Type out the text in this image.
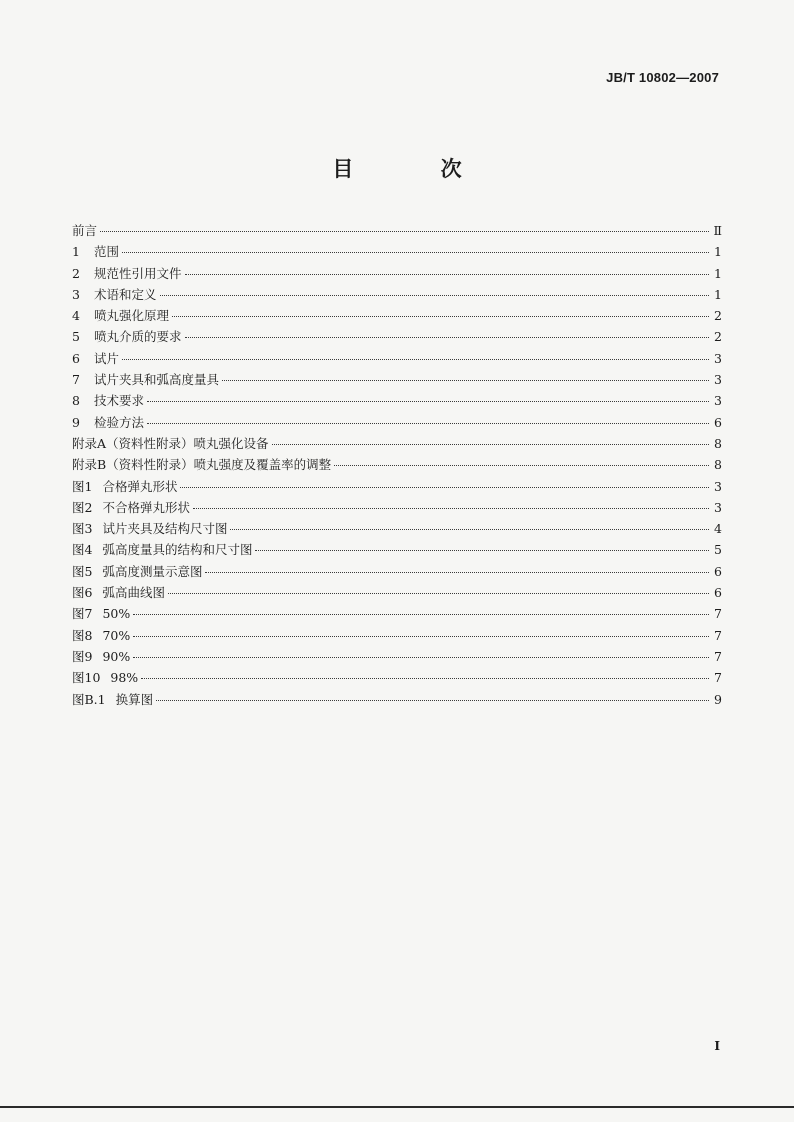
JB/T 10802—2007
目 次
前言	Ⅱ
1	范围	1
2	规范性引用文件	1
3	术语和定义	1
4	喷丸强化原理	2
5	喷丸介质的要求	2
6	试片	3
7	试片夹具和弧高度量具	3
8	技术要求	3
9	检验方法	6
附录A（资料性附录）喷丸强化设备	8
附录B（资料性附录）喷丸强度及覆盖率的调整	8
图1 合格弹丸形状	3
图2 不合格弹丸形状	3
图3 试片夹具及结构尺寸图	4
图4 弧高度量具的结构和尺寸图	5
图5 弧高度测量示意图	6
图6 弧高曲线图	6
图7 50%	7
图8 70%	7
图9 90%	7
图10 98%	7
图B.1 换算图	9
I
